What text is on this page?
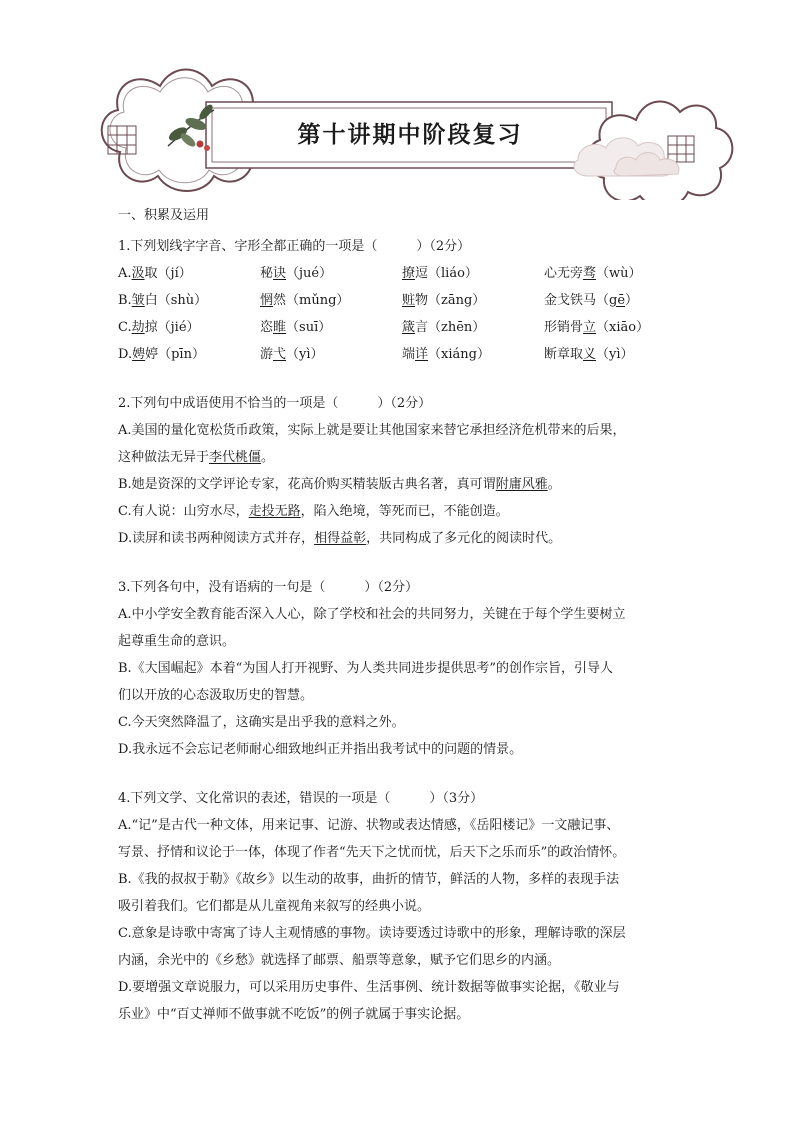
第十讲期中阶段复习
一、积累及运用
1.下列划线字字音、字形全都正确的一项是（　　　）（2分）
A.汲取（jí）	秘诀（jué）	撩逗（liáo）	心无旁骛（wù）
B.皱白（shù）	惘然（mǔng）	赃物（zāng）	金戈铁马（gē）
C.劫掠（jié）	恣睢（suī）	箴言（zhēn）	形销骨立（xiāo）
D.娉婷（pīn）	游弋（yì）	端详（xiáng）	断章取义（yì）
2.下列句中成语使用不恰当的一项是（　　　）（2分）
A.美国的量化宽松货币政策，实际上就是要让其他国家来替它承担经济危机带来的后果，
这种做法无异于李代桃僵。
B.她是资深的文学评论专家，花高价购买精装版古典名著，真可谓附庸风雅。
C.有人说：山穷水尽，走投无路，陷入绝境，等死而已，不能创造。
D.读屏和读书两种阅读方式并存，相得益彰，共同构成了多元化的阅读时代。
3.下列各句中，没有语病的一句是（　　　）（2分）
A.中小学安全教育能否深入人心，除了学校和社会的共同努力，关键在于每个学生要树立
起尊重生命的意识。
B.《大国崛起》本着“为国人打开视野、为人类共同进步提供思考”的创作宗旨，引导人
们以开放的心态汲取历史的智慧。
C.今天突然降温了，这确实是出乎我的意料之外。
D.我永远不会忘记老师耐心细致地纠正并指出我考试中的问题的情景。
4.下列文学、文化常识的表述，错误的一项是（　　　）（3分）
A.“记”是古代一种文体，用来记事、记游、状物或表达情感，《岳阳楼记》一文融记事、
写景、抒情和议论于一体，体现了作者“先天下之忧而忧，后天下之乐而乐”的政治情怀。
B.《我的叔叔于勒》《故乡》以生动的故事，曲折的情节，鲜活的人物，多样的表现手法
吸引着我们。它们都是从儿童视角来叙写的经典小说。
C.意象是诗歌中寄寓了诗人主观情感的事物。读诗要透过诗歌中的形象，理解诗歌的深层
内涵，余光中的《乡愁》就选择了邮票、船票等意象，赋予它们思乡的内涵。
D.要增强文章说服力，可以采用历史事件、生活事例、统计数据等做事实论据，《敬业与
乐业》中“百丈禅师不做事就不吃饭”的例子就属于事实论据。
